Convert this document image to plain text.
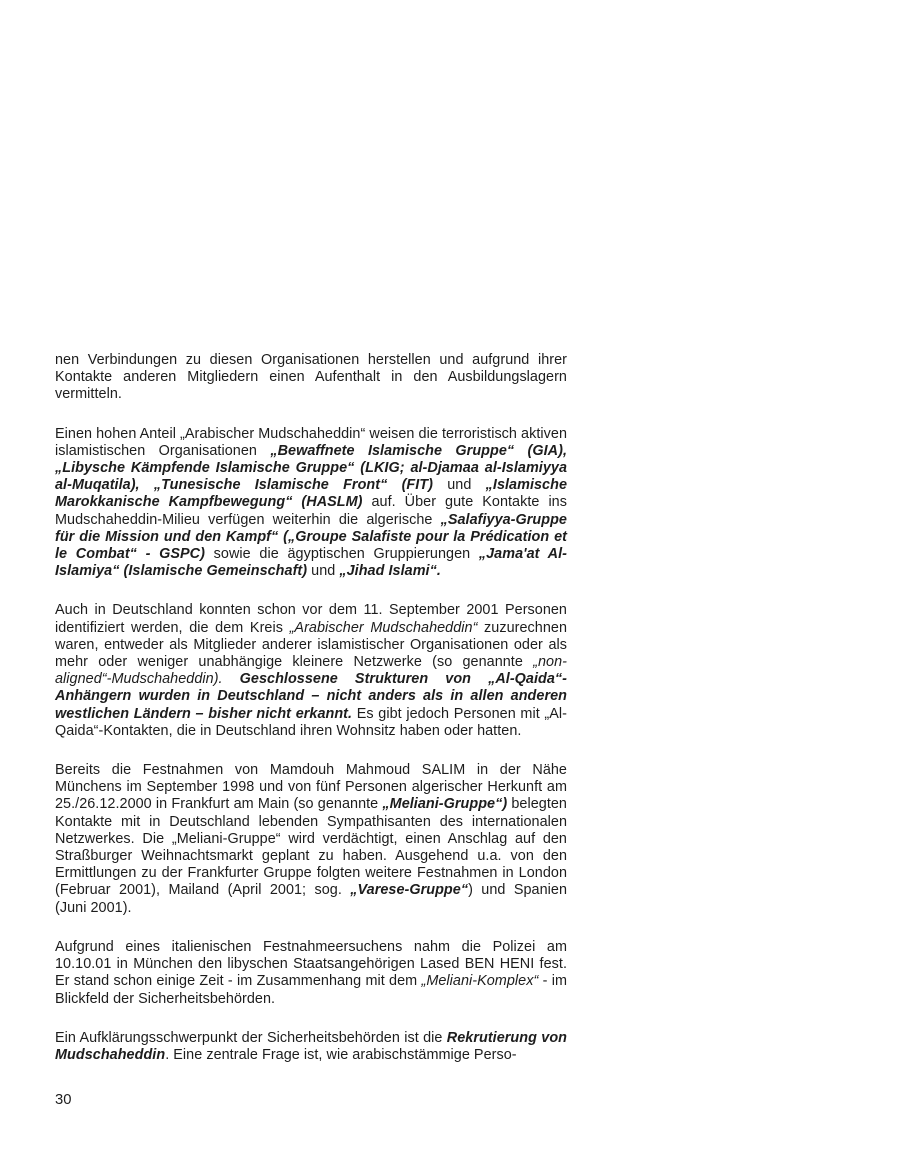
nen Verbindungen zu diesen Organisationen herstellen und aufgrund ihrer Kontakte anderen Mitgliedern einen Aufenthalt in den Ausbildungslagern vermitteln.

Einen hohen Anteil „Arabischer Mudschaheddin“ weisen die terroristisch aktiven islamistischen Organisationen „Bewaffnete Islamische Gruppe“ (GIA), „Libysche Kämpfende Islamische Gruppe“ (LKIG; al-Djamaa al-Islamiyya al-Muqatila), „Tunesische Islamische Front“ (FIT) und „Islamische Marokkanische Kampfbewegung“ (HASLM) auf. Über gute Kontakte ins Mudschaheddin-Milieu verfügen weiterhin die algerische „Salafiyya-Gruppe für die Mission und den Kampf“ („Groupe Salafiste pour la Prédication et le Combat“ - GSPC) sowie die ägyptischen Gruppierungen „Jama'at Al-Islamiya“ (Islamische Gemeinschaft) und „Jihad Islami“.

Auch in Deutschland konnten schon vor dem 11. September 2001 Personen identifiziert werden, die dem Kreis „Arabischer Mudschaheddin“ zuzurechnen waren, entweder als Mitglieder anderer islamistischer Organisationen oder als mehr oder weniger unabhängige kleinere Netzwerke (so genannte „non-aligned“-Mudschaheddin). Geschlossene Strukturen von „Al-Qaida“-Anhängern wurden in Deutschland – nicht anders als in allen anderen westlichen Ländern – bisher nicht erkannt. Es gibt jedoch Personen mit „Al-Qaida“-Kontakten, die in Deutschland ihren Wohnsitz haben oder hatten.

Bereits die Festnahmen von Mamdouh Mahmoud SALIM in der Nähe Münchens im September 1998 und von fünf Personen algerischer Herkunft am 25./26.12.2000 in Frankfurt am Main (so genannte „Meliani-Gruppe“) belegten Kontakte mit in Deutschland lebenden Sympathisanten des internationalen Netzwerkes. Die „Meliani-Gruppe“ wird verdächtigt, einen Anschlag auf den Straßburger Weihnachtsmarkt geplant zu haben. Ausgehend u.a. von den Ermittlungen zu der Frankfurter Gruppe folgten weitere Festnahmen in London (Februar 2001), Mailand (April 2001; sog. „Varese-Gruppe“) und Spanien (Juni 2001).

Aufgrund eines italienischen Festnahmeersuchens nahm die Polizei am 10.10.01 in München den libyschen Staatsangehörigen Lased BEN HENI fest. Er stand schon einige Zeit - im Zusammenhang mit dem „Meliani-Komplex“ - im Blickfeld der Sicherheitsbehörden.

Ein Aufklärungsschwerpunkt der Sicherheitsbehörden ist die Rekrutierung von Mudschaheddin. Eine zentrale Frage ist, wie arabischstämmige Perso-

30
